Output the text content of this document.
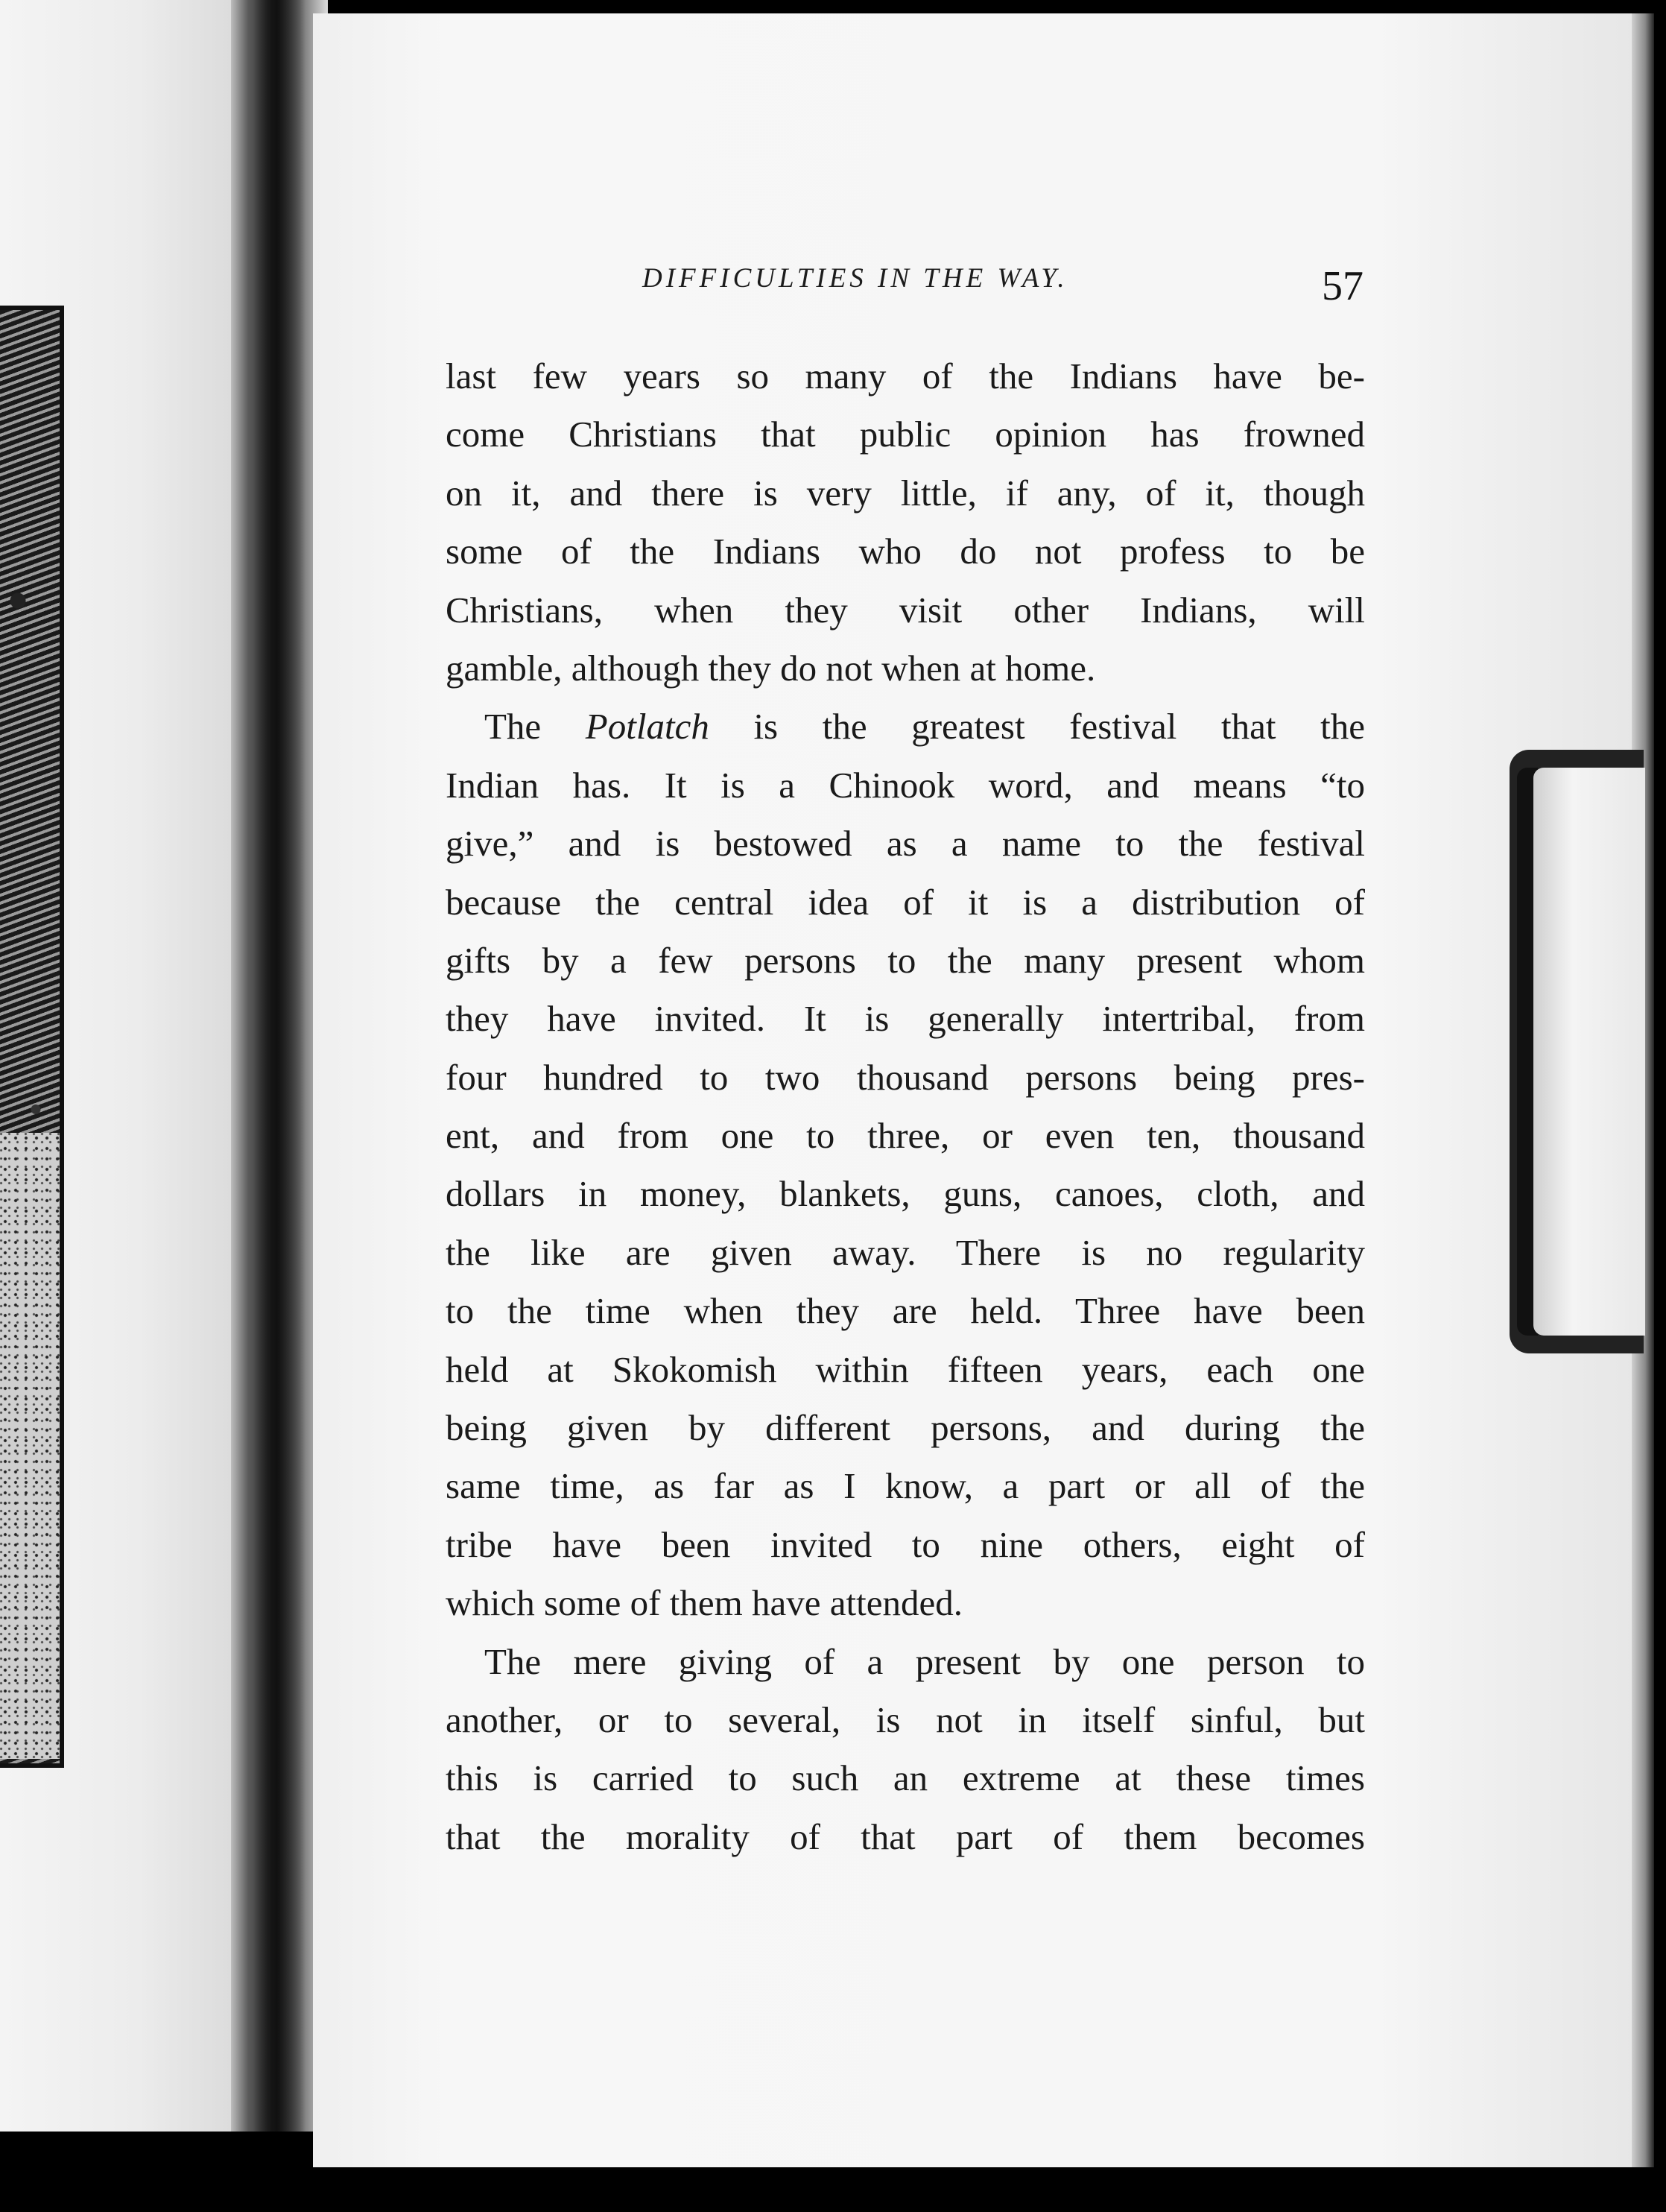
DIFFICULTIES IN THE WAY.	57
last few years so many of the Indians have be-
come Christians that public opinion has frowned
on it, and there is very little, if any, of it, though
some of the Indians who do not profess to be
Christians, when they visit other Indians, will
gamble, although they do not when at home.
The Potlatch is the greatest festival that the
Indian has. It is a Chinook word, and means “to
give,” and is bestowed as a name to the festival
because the central idea of it is a distribution of
gifts by a few persons to the many present whom
they have invited. It is generally intertribal, from
four hundred to two thousand persons being pres-
ent, and from one to three, or even ten, thousand
dollars in money, blankets, guns, canoes, cloth, and
the like are given away. There is no regularity
to the time when they are held. Three have been
held at Skokomish within fifteen years, each one
being given by different persons, and during the
same time, as far as I know, a part or all of the
tribe have been invited to nine others, eight of
which some of them have attended.
The mere giving of a present by one person to
another, or to several, is not in itself sinful, but
this is carried to such an extreme at these times
that the morality of that part of them becomes
